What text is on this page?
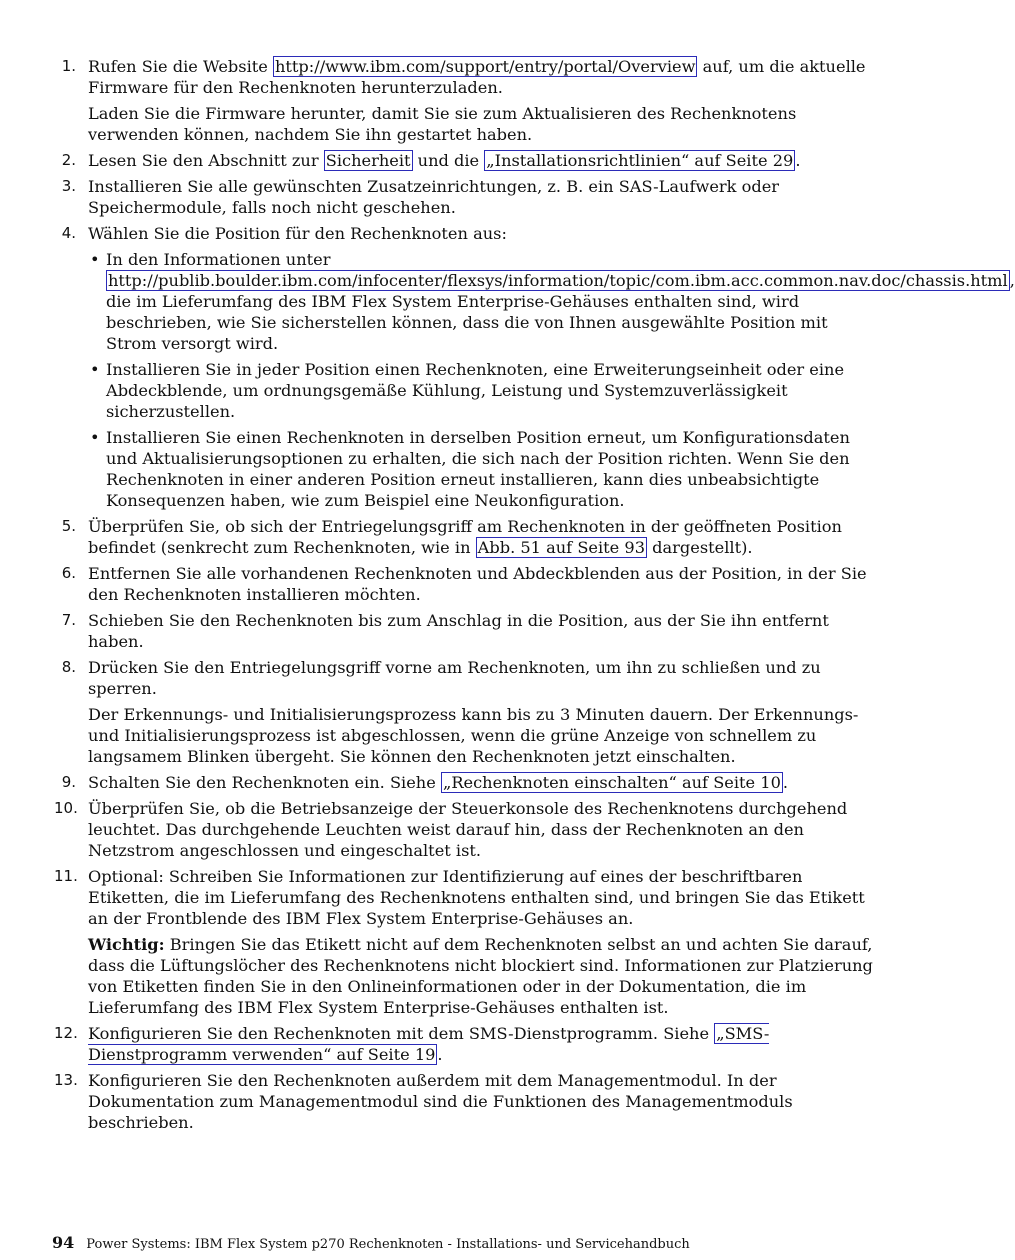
1. Rufen Sie die Website http://www.ibm.com/support/entry/portal/Overview auf, um die aktuelle Firmware für den Rechenknoten herunterzuladen.

Laden Sie die Firmware herunter, damit Sie sie zum Aktualisieren des Rechenknotens verwenden können, nachdem Sie ihn gestartet haben.

2. Lesen Sie den Abschnitt zur Sicherheit und die „Installationsrichtlinien“ auf Seite 29 .

3. Installieren Sie alle gewünschten Zusatzeinrichtungen, z. B. ein SAS-Laufwerk oder Speichermodule, falls noch nicht geschehen.

4. Wählen Sie die Position für den Rechenknoten aus:

• In den Informationen unter http://publib.boulder.ibm.com/infocenter/flexsys/information/topic/com.ibm.acc.common.nav.doc/chassis.html , die im Lieferumfang des IBM Flex System Enterprise-Gehäuses enthalten sind, wird beschrieben, wie Sie sicherstellen können, dass die von Ihnen ausgewählte Position mit Strom versorgt wird.
• Installieren Sie in jeder Position einen Rechenknoten, eine Erweiterungseinheit oder eine Abdeckblende, um ordnungsgemäße Kühlung, Leistung und Systemzuverlässigkeit sicherzustellen.
• Installieren Sie einen Rechenknoten in derselben Position erneut, um Konfigurationsdaten und Aktualisierungsoptionen zu erhalten, die sich nach der Position richten. Wenn Sie den Rechenknoten in einer anderen Position erneut installieren, kann dies unbeabsichtigte Konsequenzen haben, wie zum Beispiel eine Neukonfiguration.
5. Überprüfen Sie, ob sich der Entriegelungsgriff am Rechenknoten in der geöffneten Position befindet (senkrecht zum Rechenknoten, wie in Abb. 51 auf Seite 93 dargestellt).

6. Entfernen Sie alle vorhandenen Rechenknoten und Abdeckblenden aus der Position, in der Sie den Rechenknoten installieren möchten.

7. Schieben Sie den Rechenknoten bis zum Anschlag in die Position, aus der Sie ihn entfernt haben.

8. Drücken Sie den Entriegelungsgriff vorne am Rechenknoten, um ihn zu schließen und zu sperren.

Der Erkennungs- und Initialisierungsprozess kann bis zu 3 Minuten dauern. Der Erkennungs- und Initialisierungsprozess ist abgeschlossen, wenn die grüne Anzeige von schnellem zu langsamem Blinken übergeht. Sie können den Rechenknoten jetzt einschalten.

9. Schalten Sie den Rechenknoten ein. Siehe „Rechenknoten einschalten“ auf Seite 10 .

10. Überprüfen Sie, ob die Betriebsanzeige der Steuerkonsole des Rechenknotens durchgehend leuchtet. Das durchgehende Leuchten weist darauf hin, dass der Rechenknoten an den Netzstrom angeschlossen und eingeschaltet ist.

11. Optional: Schreiben Sie Informationen zur Identifizierung auf eines der beschriftbaren Etiketten, die im Lieferumfang des Rechenknotens enthalten sind, und bringen Sie das Etikett an der Frontblende des IBM Flex System Enterprise-Gehäuses an.

Wichtig: Bringen Sie das Etikett nicht auf dem Rechenknoten selbst an und achten Sie darauf, dass die Lüftungslöcher des Rechenknotens nicht blockiert sind. Informationen zur Platzierung von Etiketten finden Sie in den Onlineinformationen oder in der Dokumentation, die im Lieferumfang des IBM Flex System Enterprise-Gehäuses enthalten ist.

12. Konfigurieren Sie den Rechenknoten mit dem SMS-Dienstprogramm. Siehe „SMS-Dienstprogramm verwenden“ auf Seite 19 .

13. Konfigurieren Sie den Rechenknoten außerdem mit dem Managementmodul. In der Dokumentation zum Managementmodul sind die Funktionen des Managementmoduls beschrieben.

94 Power Systems: IBM Flex System p270 Rechenknoten - Installations- und Servicehandbuch
